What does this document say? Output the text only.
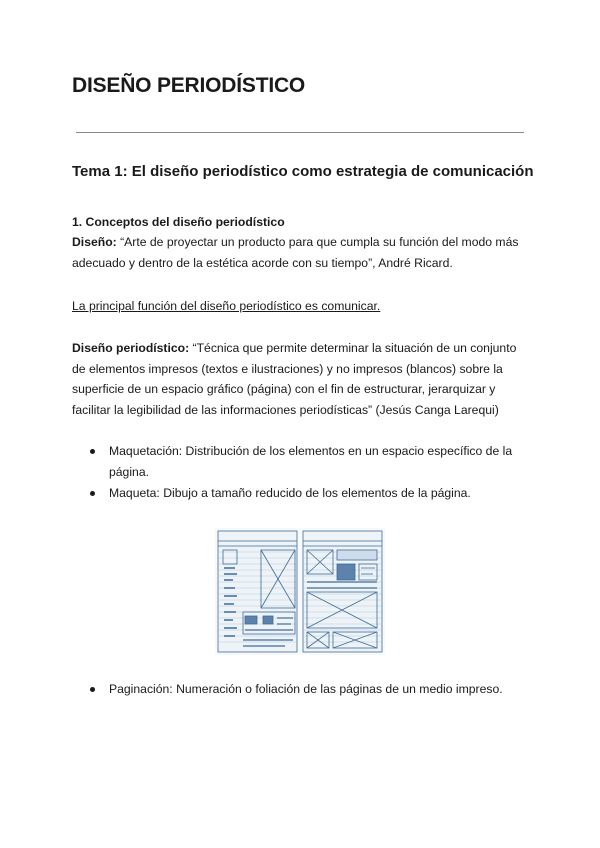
DISEÑO PERIODÍSTICO
Tema 1: El diseño periodístico como estrategia de comunicación
1. Conceptos del diseño periodístico
Diseño: “Arte de proyectar un producto para que cumpla su función del modo más adecuado y dentro de la estética acorde con su tiempo”, André Ricard.
La principal función del diseño periodístico es comunicar.
Diseño periodístico: “Técnica que permite determinar la situación de un conjunto de elementos impresos (textos e ilustraciones) y no impresos (blancos) sobre la superficie de un espacio gráfico (página) con el fin de estructurar, jerarquizar y facilitar la legibilidad de las informaciones periodísticas” (Jesús Canga Larequi)
Maquetación: Distribución de los elementos en un espacio específico de la página.
Maqueta: Dibujo a tamaño reducido de los elementos de la página.
Paginación: Numeración o foliación de las páginas de un medio impreso.
